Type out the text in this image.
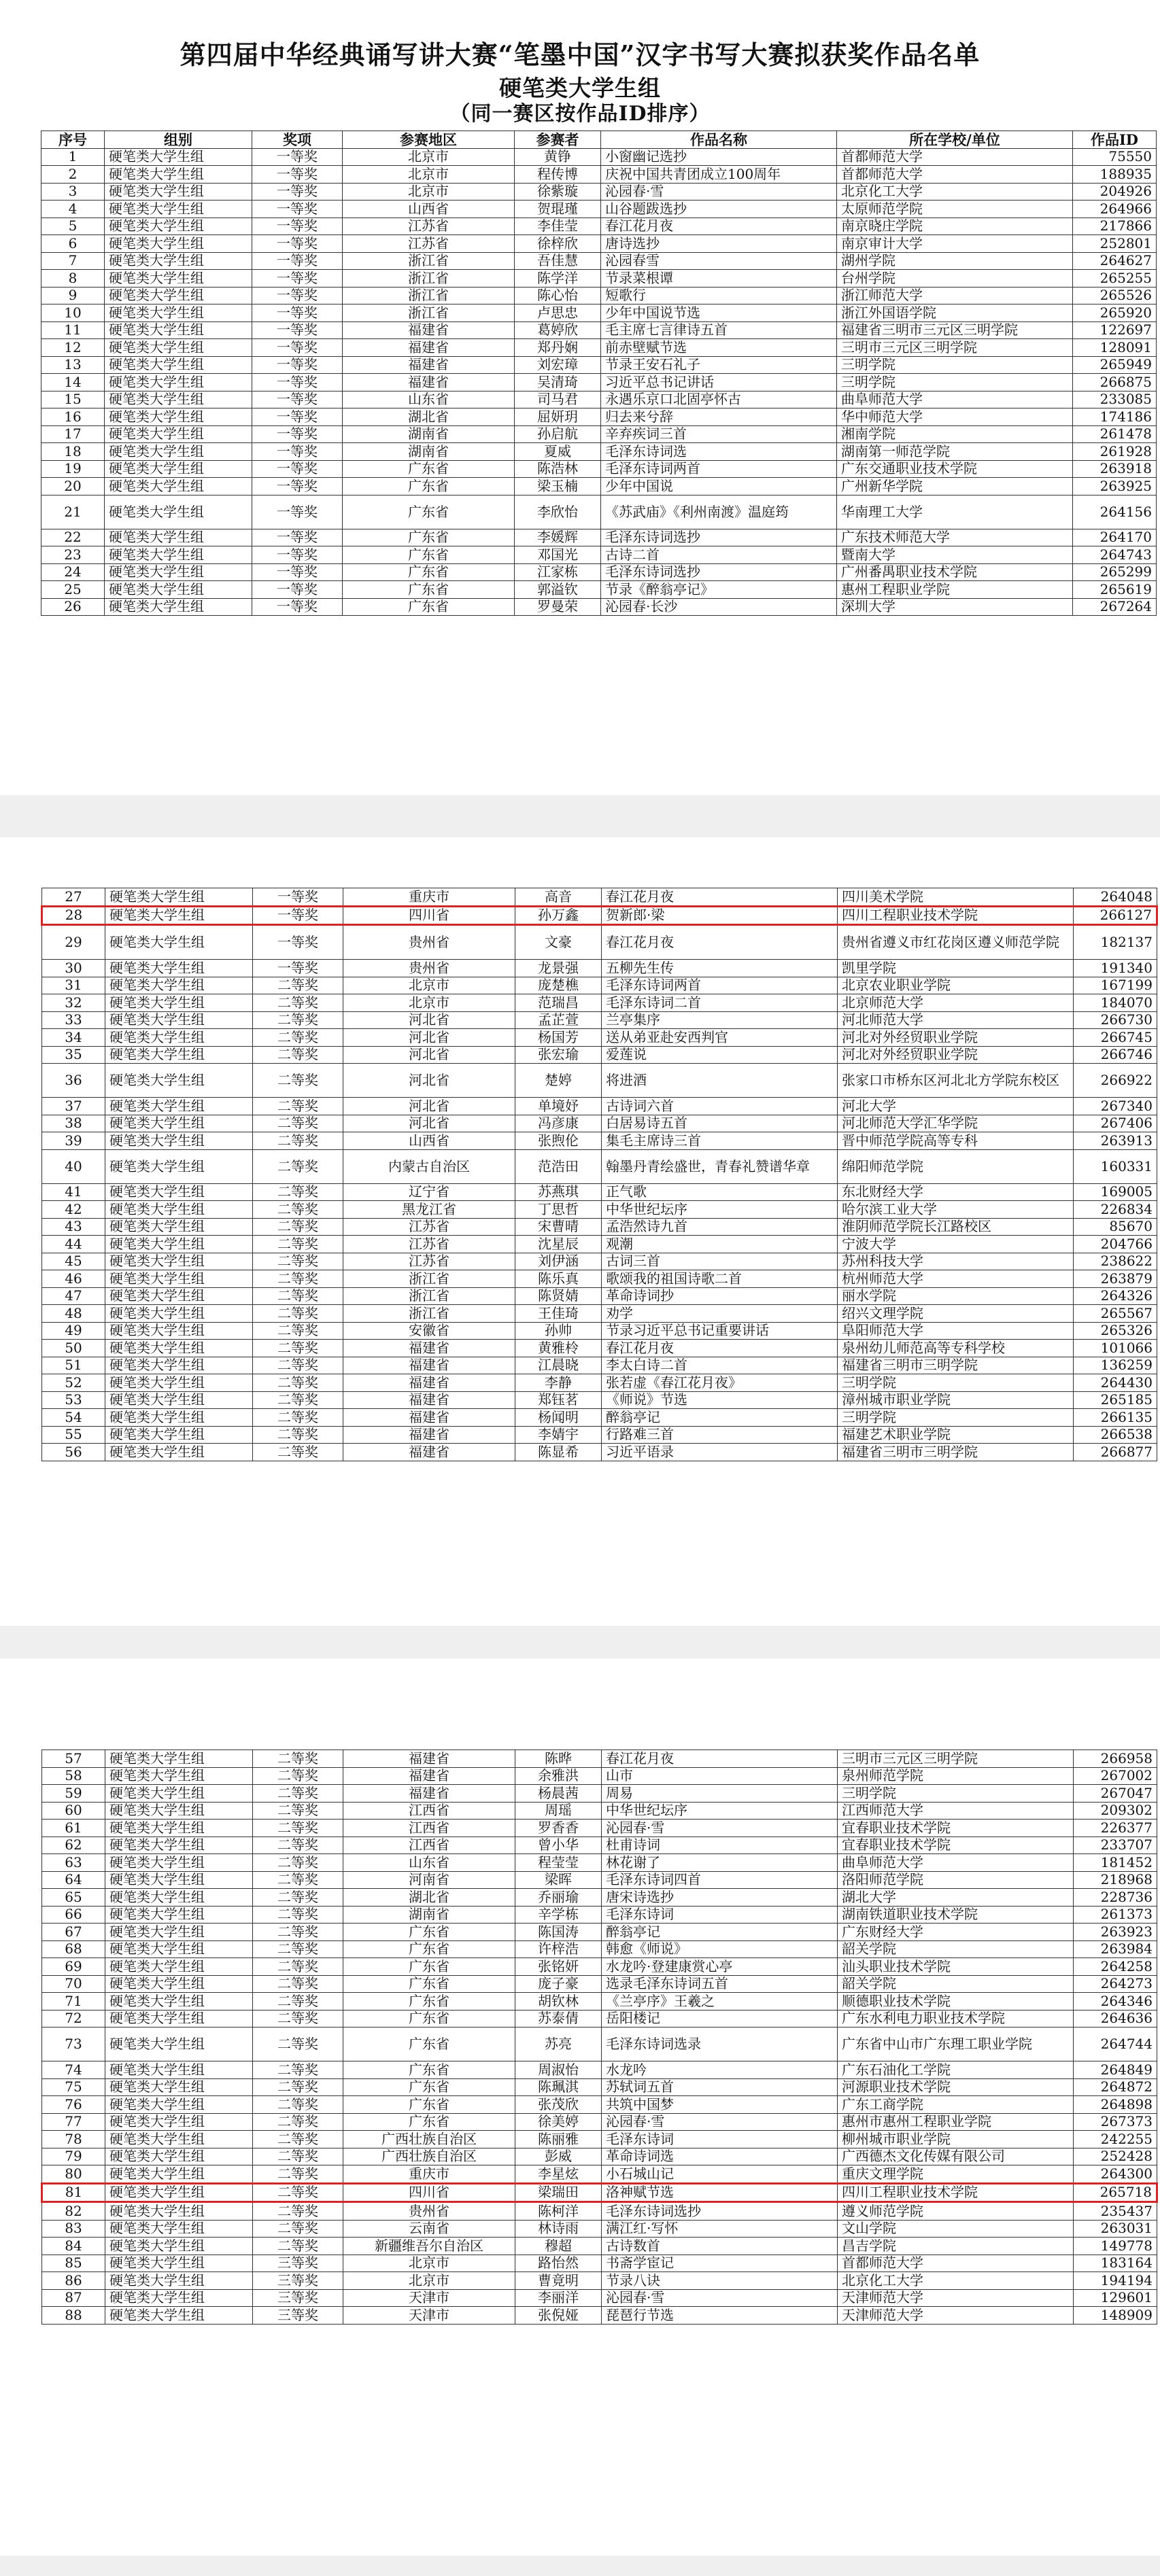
第四届中华经典诵写讲大赛“笔墨中国”汉字书写大赛拟获奖作品名单
硬笔类大学生组
（同一赛区按作品ID排序）
序号	组别	奖项	参赛地区	参赛者	作品名称	所在学校/单位	作品ID
1	硬笔类大学生组	一等奖	北京市	黄铮	小窗幽记选抄	首都师范大学	75550
2	硬笔类大学生组	一等奖	北京市	程传博	庆祝中国共青团成立100周年	首都师范大学	188935
3	硬笔类大学生组	一等奖	北京市	徐紫璇	沁园春·雪	北京化工大学	204926
4	硬笔类大学生组	一等奖	山西省	贺琨瑾	山谷题跋选抄	太原师范学院	264966
5	硬笔类大学生组	一等奖	江苏省	李佳莹	春江花月夜	南京晓庄学院	217866
6	硬笔类大学生组	一等奖	江苏省	徐梓欣	唐诗选抄	南京审计大学	252801
7	硬笔类大学生组	一等奖	浙江省	吾佳慧	沁园春雪	湖州学院	264627
8	硬笔类大学生组	一等奖	浙江省	陈学洋	节录菜根谭	台州学院	265255
9	硬笔类大学生组	一等奖	浙江省	陈心怡	短歌行	浙江师范大学	265526
10	硬笔类大学生组	一等奖	浙江省	卢思忠	少年中国说节选	浙江外国语学院	265920
11	硬笔类大学生组	一等奖	福建省	葛婷欣	毛主席七言律诗五首	福建省三明市三元区三明学院	122697
12	硬笔类大学生组	一等奖	福建省	郑丹娴	前赤壁赋节选	三明市三元区三明学院	128091
13	硬笔类大学生组	一等奖	福建省	刘宏璋	节录王安石礼子	三明学院	265949
14	硬笔类大学生组	一等奖	福建省	吴清琦	习近平总书记讲话	三明学院	266875
15	硬笔类大学生组	一等奖	山东省	司马君	永遇乐京口北固亭怀古	曲阜师范大学	233085
16	硬笔类大学生组	一等奖	湖北省	屈妍玥	归去来兮辞	华中师范大学	174186
17	硬笔类大学生组	一等奖	湖南省	孙启航	辛弃疾词三首	湘南学院	261478
18	硬笔类大学生组	一等奖	湖南省	夏威	毛泽东诗词选	湖南第一师范学院	261928
19	硬笔类大学生组	一等奖	广东省	陈浩林	毛泽东诗词两首	广东交通职业技术学院	263918
20	硬笔类大学生组	一等奖	广东省	梁玉楠	少年中国说	广州新华学院	263925
21	硬笔类大学生组	一等奖	广东省	李欣怡	《苏武庙》《利州南渡》温庭筠	华南理工大学	264156
22	硬笔类大学生组	一等奖	广东省	李媛辉	毛泽东诗词选抄	广东技术师范大学	264170
23	硬笔类大学生组	一等奖	广东省	邓国光	古诗二首	暨南大学	264743
24	硬笔类大学生组	一等奖	广东省	江家栋	毛泽东诗词选抄	广州番禺职业技术学院	265299
25	硬笔类大学生组	一等奖	广东省	郭溢钦	节录《醉翁亭记》	惠州工程职业学院	265619
26	硬笔类大学生组	一等奖	广东省	罗曼荣	沁园春·长沙	深圳大学	267264
27	硬笔类大学生组	一等奖	重庆市	高音	春江花月夜	四川美术学院	264048
28	硬笔类大学生组	一等奖	四川省	孙万鑫	贺新郎·梁	四川工程职业技术学院	266127
29	硬笔类大学生组	一等奖	贵州省	文豪	春江花月夜	贵州省遵义市红花岗区遵义师范学院	182137
30	硬笔类大学生组	一等奖	贵州省	龙景强	五柳先生传	凯里学院	191340
31	硬笔类大学生组	二等奖	北京市	庞楚樵	毛泽东诗词两首	北京农业职业学院	167199
32	硬笔类大学生组	二等奖	北京市	范瑞昌	毛泽东诗词二首	北京师范大学	184070
33	硬笔类大学生组	二等奖	河北省	孟芷萱	兰亭集序	河北师范大学	266730
34	硬笔类大学生组	二等奖	河北省	杨国芳	送从弟亚赴安西判官	河北对外经贸职业学院	266745
35	硬笔类大学生组	二等奖	河北省	张宏瑜	爱莲说	河北对外经贸职业学院	266746
36	硬笔类大学生组	二等奖	河北省	楚婷	将进酒	张家口市桥东区河北北方学院东校区	266922
37	硬笔类大学生组	二等奖	河北省	单境妤	古诗词六首	河北大学	267340
38	硬笔类大学生组	二等奖	河北省	冯彦康	白居易诗五首	河北师范大学汇华学院	267406
39	硬笔类大学生组	二等奖	山西省	张煦伦	集毛主席诗三首	晋中师范学院高等专科	263913
40	硬笔类大学生组	二等奖	内蒙古自治区	范浩田	翰墨丹青绘盛世，青春礼赞谱华章	绵阳师范学院	160331
41	硬笔类大学生组	二等奖	辽宁省	苏燕琪	正气歌	东北财经大学	169005
42	硬笔类大学生组	二等奖	黑龙江省	丁思哲	中华世纪坛序	哈尔滨工业大学	226834
43	硬笔类大学生组	二等奖	江苏省	宋曹晴	孟浩然诗九首	淮阴师范学院长江路校区	85670
44	硬笔类大学生组	二等奖	江苏省	沈星辰	观潮	宁波大学	204766
45	硬笔类大学生组	二等奖	江苏省	刘伊涵	古词三首	苏州科技大学	238622
46	硬笔类大学生组	二等奖	浙江省	陈乐真	歌颂我的祖国诗歌二首	杭州师范大学	263879
47	硬笔类大学生组	二等奖	浙江省	陈贤婧	革命诗词抄	丽水学院	264326
48	硬笔类大学生组	二等奖	浙江省	王佳琦	劝学	绍兴文理学院	265567
49	硬笔类大学生组	二等奖	安徽省	孙帅	节录习近平总书记重要讲话	阜阳师范大学	265326
50	硬笔类大学生组	二等奖	福建省	黄雅柃	春江花月夜	泉州幼儿师范高等专科学校	101066
51	硬笔类大学生组	二等奖	福建省	江晨晓	李太白诗二首	福建省三明市三明学院	136259
52	硬笔类大学生组	二等奖	福建省	李静	张若虚《春江花月夜》	三明学院	264430
53	硬笔类大学生组	二等奖	福建省	郑钰茗	《师说》节选	漳州城市职业学院	265185
54	硬笔类大学生组	二等奖	福建省	杨闻明	醉翁亭记	三明学院	266135
55	硬笔类大学生组	二等奖	福建省	李婧宇	行路难三首	福建艺术职业学院	266538
56	硬笔类大学生组	二等奖	福建省	陈显希	习近平语录	福建省三明市三明学院	266877
57	硬笔类大学生组	二等奖	福建省	陈晔	春江花月夜	三明市三元区三明学院	266958
58	硬笔类大学生组	二等奖	福建省	余雅洪	山市	泉州师范学院	267002
59	硬笔类大学生组	二等奖	福建省	杨晨茜	周易	三明学院	267047
60	硬笔类大学生组	二等奖	江西省	周瑶	中华世纪坛序	江西师范大学	209302
61	硬笔类大学生组	二等奖	江西省	罗香香	沁园春·雪	宜春职业技术学院	226377
62	硬笔类大学生组	二等奖	江西省	曾小华	杜甫诗词	宜春职业技术学院	233707
63	硬笔类大学生组	二等奖	山东省	程莹莹	林花谢了	曲阜师范大学	181452
64	硬笔类大学生组	二等奖	河南省	梁晖	毛泽东诗词四首	洛阳师范学院	218968
65	硬笔类大学生组	二等奖	湖北省	乔丽瑜	唐宋诗选抄	湖北大学	228736
66	硬笔类大学生组	二等奖	湖南省	辛学栋	毛泽东诗词	湖南铁道职业技术学院	261373
67	硬笔类大学生组	二等奖	广东省	陈国涛	醉翁亭记	广东财经大学	263923
68	硬笔类大学生组	二等奖	广东省	许梓浩	韩愈《师说》	韶关学院	263984
69	硬笔类大学生组	二等奖	广东省	张铭妍	水龙吟·登建康赏心亭	汕头职业技术学院	264258
70	硬笔类大学生组	二等奖	广东省	庞子豪	选录毛泽东诗词五首	韶关学院	264273
71	硬笔类大学生组	二等奖	广东省	胡钦林	《兰亭序》王羲之	顺德职业技术学院	264346
72	硬笔类大学生组	二等奖	广东省	苏泰倩	岳阳楼记	广东水利电力职业技术学院	264636
73	硬笔类大学生组	二等奖	广东省	苏亮	毛泽东诗词选录	广东省中山市广东理工职业学院	264744
74	硬笔类大学生组	二等奖	广东省	周淑怡	水龙吟	广东石油化工学院	264849
75	硬笔类大学生组	二等奖	广东省	陈珮淇	苏轼词五首	河源职业技术学院	264872
76	硬笔类大学生组	二等奖	广东省	张茂欣	共筑中国梦	广东工商学院	264898
77	硬笔类大学生组	二等奖	广东省	徐美婷	沁园春·雪	惠州市惠州工程职业学院	267373
78	硬笔类大学生组	二等奖	广西壮族自治区	陈丽雅	毛泽东诗词	柳州城市职业学院	242255
79	硬笔类大学生组	二等奖	广西壮族自治区	彭威	革命诗词选	广西德杰文化传媒有限公司	252428
80	硬笔类大学生组	二等奖	重庆市	李星炫	小石城山记	重庆文理学院	264300
81	硬笔类大学生组	二等奖	四川省	梁瑞田	洛神赋节选	四川工程职业技术学院	265718
82	硬笔类大学生组	二等奖	贵州省	陈柯洋	毛泽东诗词选抄	遵义师范学院	235437
83	硬笔类大学生组	二等奖	云南省	林诗雨	满江红·写怀	文山学院	263031
84	硬笔类大学生组	二等奖	新疆维吾尔自治区	穆超	古诗数首	昌吉学院	149778
85	硬笔类大学生组	三等奖	北京市	路怡然	书斋学宦记	首都师范大学	183164
86	硬笔类大学生组	三等奖	北京市	曹竟明	节录八诀	北京化工大学	194194
87	硬笔类大学生组	三等奖	天津市	李丽洋	沁园春·雪	天津师范大学	129601
88	硬笔类大学生组	三等奖	天津市	张倪娅	琵琶行节选	天津师范大学	148909
